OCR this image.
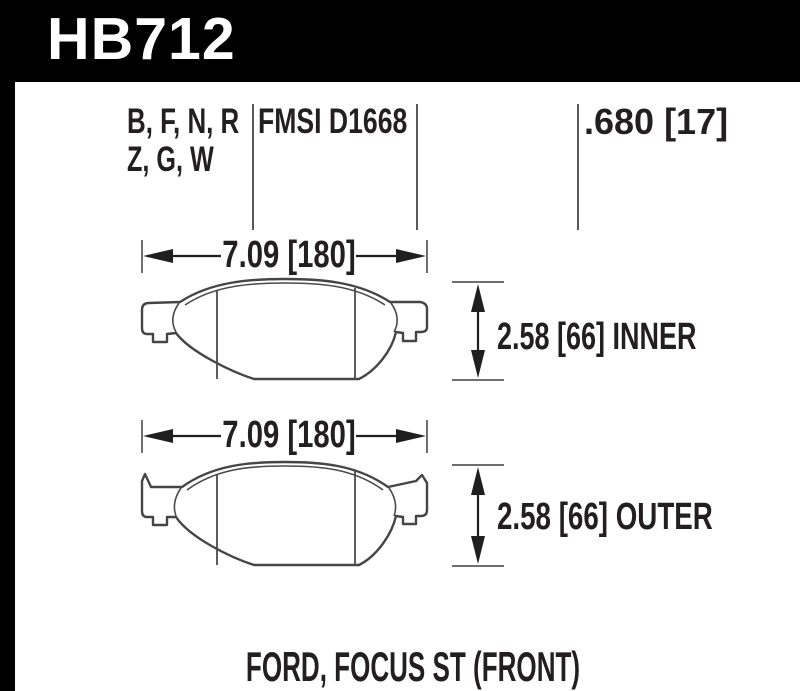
HB712
B, F, N, R
Z, G, W
FMSI D1668	.680 [17]
7.09 [180]
2.58 [66] INNER
7.09 [180]
2.58 [66] OUTER
FORD, FOCUS ST (FRONT)
